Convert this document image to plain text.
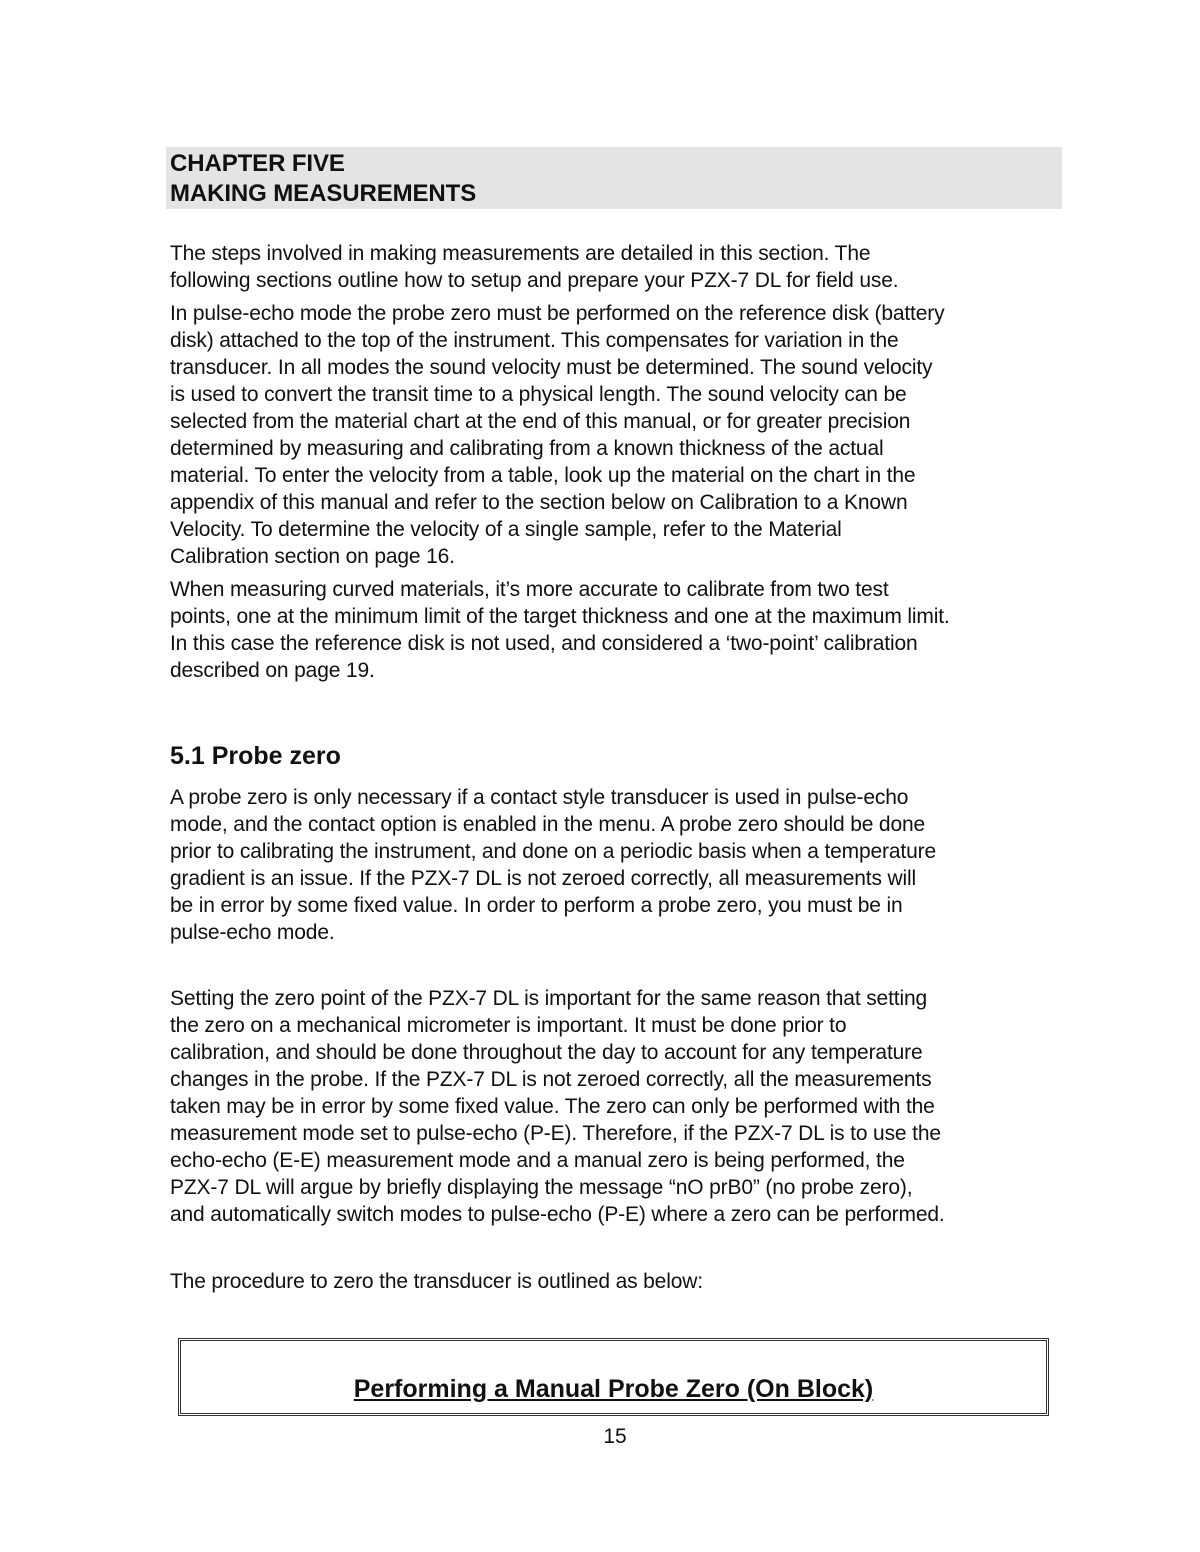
CHAPTER FIVE
MAKING MEASUREMENTS

The steps involved in making measurements are detailed in this section. The
following sections outline how to setup and prepare your PZX-7 DL for field use.

In pulse-echo mode the probe zero must be performed on the reference disk (battery
disk) attached to the top of the instrument. This compensates for variation in the
transducer. In all modes the sound velocity must be determined. The sound velocity
is used to convert the transit time to a physical length. The sound velocity can be
selected from the material chart at the end of this manual, or for greater precision
determined by measuring and calibrating from a known thickness of the actual
material. To enter the velocity from a table, look up the material on the chart in the
appendix of this manual and refer to the section below on Calibration to a Known
Velocity. To determine the velocity of a single sample, refer to the Material
Calibration section on page 16.

When measuring curved materials, it’s more accurate to calibrate from two test
points, one at the minimum limit of the target thickness and one at the maximum limit.
In this case the reference disk is not used, and considered a ‘two-point’ calibration
described on page 19.

5.1 Probe zero

A probe zero is only necessary if a contact style transducer is used in pulse-echo
mode, and the contact option is enabled in the menu. A probe zero should be done
prior to calibrating the instrument, and done on a periodic basis when a temperature
gradient is an issue. If the PZX-7 DL is not zeroed correctly, all measurements will
be in error by some fixed value. In order to perform a probe zero, you must be in
pulse-echo mode.

Setting the zero point of the PZX-7 DL is important for the same reason that setting
the zero on a mechanical micrometer is important. It must be done prior to
calibration, and should be done throughout the day to account for any temperature
changes in the probe. If the PZX-7 DL is not zeroed correctly, all the measurements
taken may be in error by some fixed value. The zero can only be performed with the
measurement mode set to pulse-echo (P-E). Therefore, if the PZX-7 DL is to use the
echo-echo (E-E) measurement mode and a manual zero is being performed, the
PZX-7 DL will argue by briefly displaying the message “nO prB0” (no probe zero),
and automatically switch modes to pulse-echo (P-E) where a zero can be performed.

The procedure to zero the transducer is outlined as below:

Performing a Manual Probe Zero (On Block)
15
